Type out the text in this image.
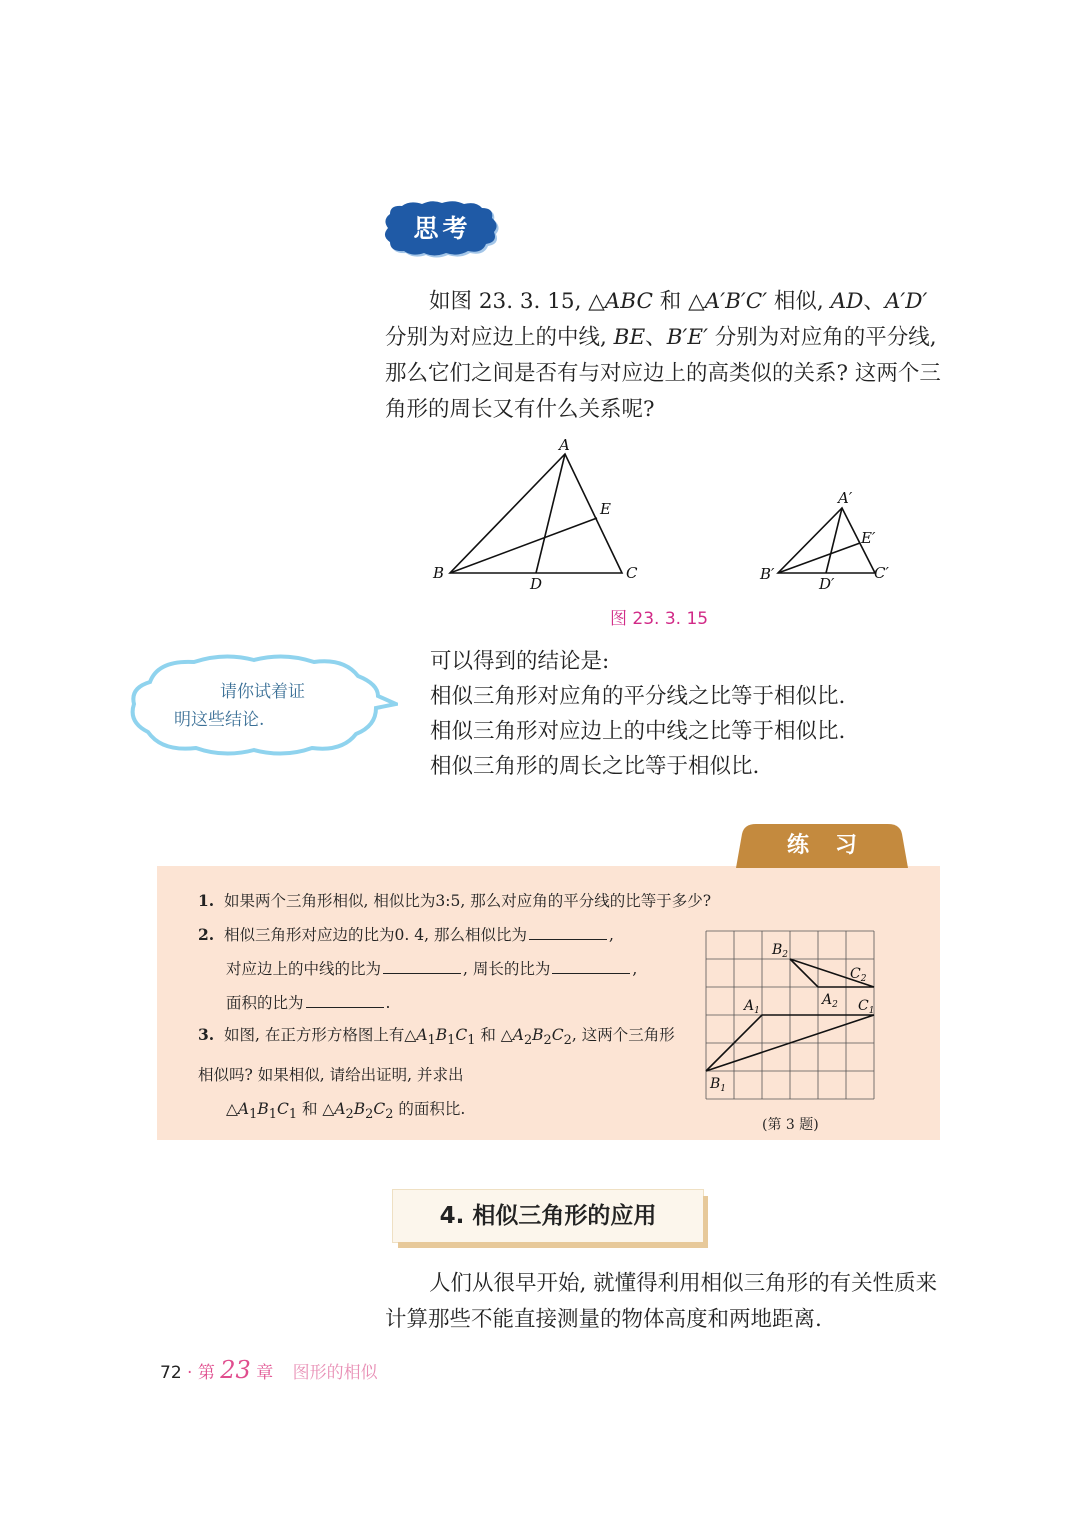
思考

如图 23. 3. 15, △ABC 和 △A′B′C′ 相似, AD、A′D′ 分别为对应边上的中线, BE、B′E′ 分别为对应角的平分线, 那么它们之间是否有与对应边上的高类似的关系? 这两个三角形的周长又有什么关系呢?

A
B	C
D
E
A′
B′	C′
D′
E′
图 23. 3. 15
请你试着证
明这些结论.
可以得到的结论是:
相似三角形对应角的平分线之比等于相似比.
相似三角形对应边上的中线之比等于相似比.
相似三角形的周长之比等于相似比.
练习
1. 如果两个三角形相似, 相似比为3:5, 那么对应角的平分线的比等于多少?
2. 相似三角形对应边的比为0. 4, 那么相似比为	,
对应边上的中线的比为	, 周长的比为	,
面积的比为	.
3. 如图, 在正方形方格图上有$\triangle A_1B_1C_1$ 和 $\triangle A_2B_2C_2$, 这两个三角形相似吗? 如果相似, 请给出证明, 并求出
$\triangle A_1B_1C_1$ 和 $\triangle A_2B_2C_2$ 的面积比.
$B_2$
$C_2$
$A_1$
$A_2$ $C_1$
$B_1$
(第 3 题)
4. 相似三角形的应用

人们从很早开始, 就懂得利用相似三角形的有关性质来计算那些不能直接测量的物体高度和两地距离.

72 · 第 23 章 图形的相似
